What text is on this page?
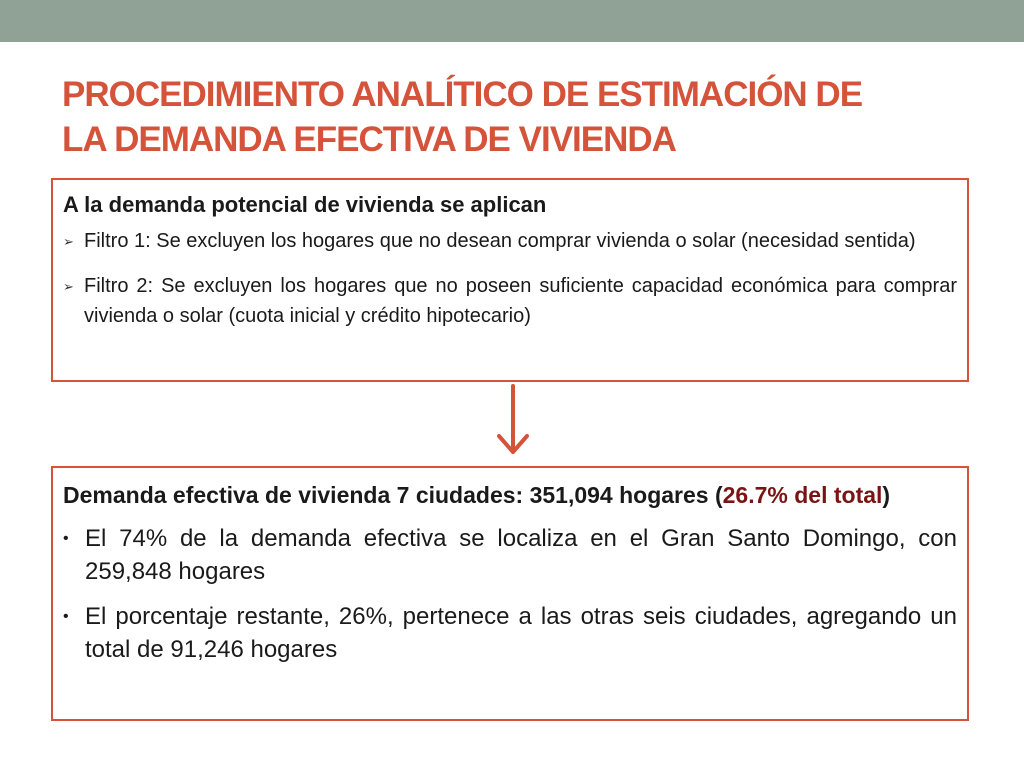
PROCEDIMIENTO ANALÍTICO DE ESTIMACIÓN DE
LA DEMANDA EFECTIVA DE VIVIENDA
A la demanda potencial de vivienda se aplican
➢ Filtro 1: Se excluyen los hogares que no desean comprar vivienda o solar (necesidad sentida)
➢ Filtro 2: Se excluyen los hogares que no poseen suficiente capacidad económica para comprar vivienda o solar (cuota inicial y crédito hipotecario)
Demanda efectiva de vivienda 7 ciudades: 351,094 hogares (26.7% del total)
• El 74% de la demanda efectiva se localiza en el Gran Santo Domingo, con 259,848 hogares
• El porcentaje restante, 26%, pertenece a las otras seis ciudades, agregando un total de 91,246 hogares
